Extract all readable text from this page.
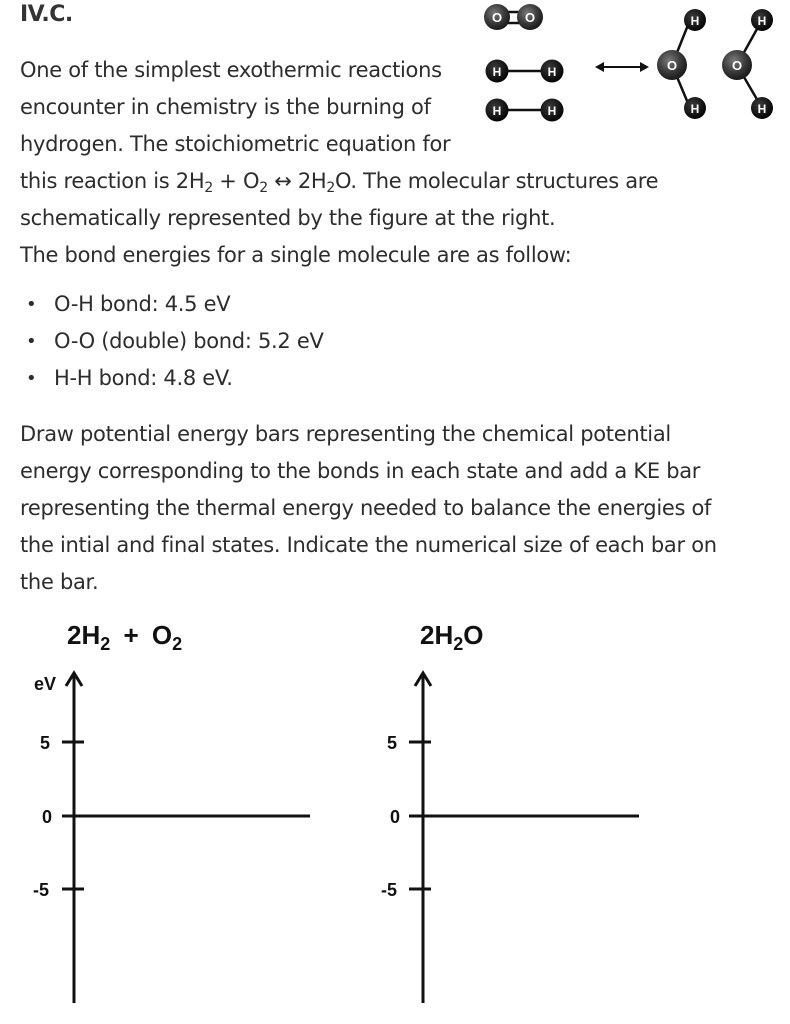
IV.C.
One of the simplest exothermic reactions
encounter in chemistry is the burning of
hydrogen. The stoichiometric equation for
this reaction is $2H_2 + O_2$ ↔ $2H_2O$. The molecular structures are
schematically represented by the figure at the right.
The bond energies for a single molecule are as follow:
• O-H bond: 4.5 eV
• O-O (double) bond: 5.2 eV
• H-H bond: 4.8 eV.
Draw potential energy bars representing the chemical potential
energy corresponding to the bonds in each state and add a KE bar
representing the thermal energy needed to balance the energies of
the intial and final states. Indicate the numerical size of each bar on
the bar.
O O
H	H
H	H
O
H
H
O
H
H
$2H_2 + O_2$	$2H_2O$
eV
5
0
-5
5
0
-5
